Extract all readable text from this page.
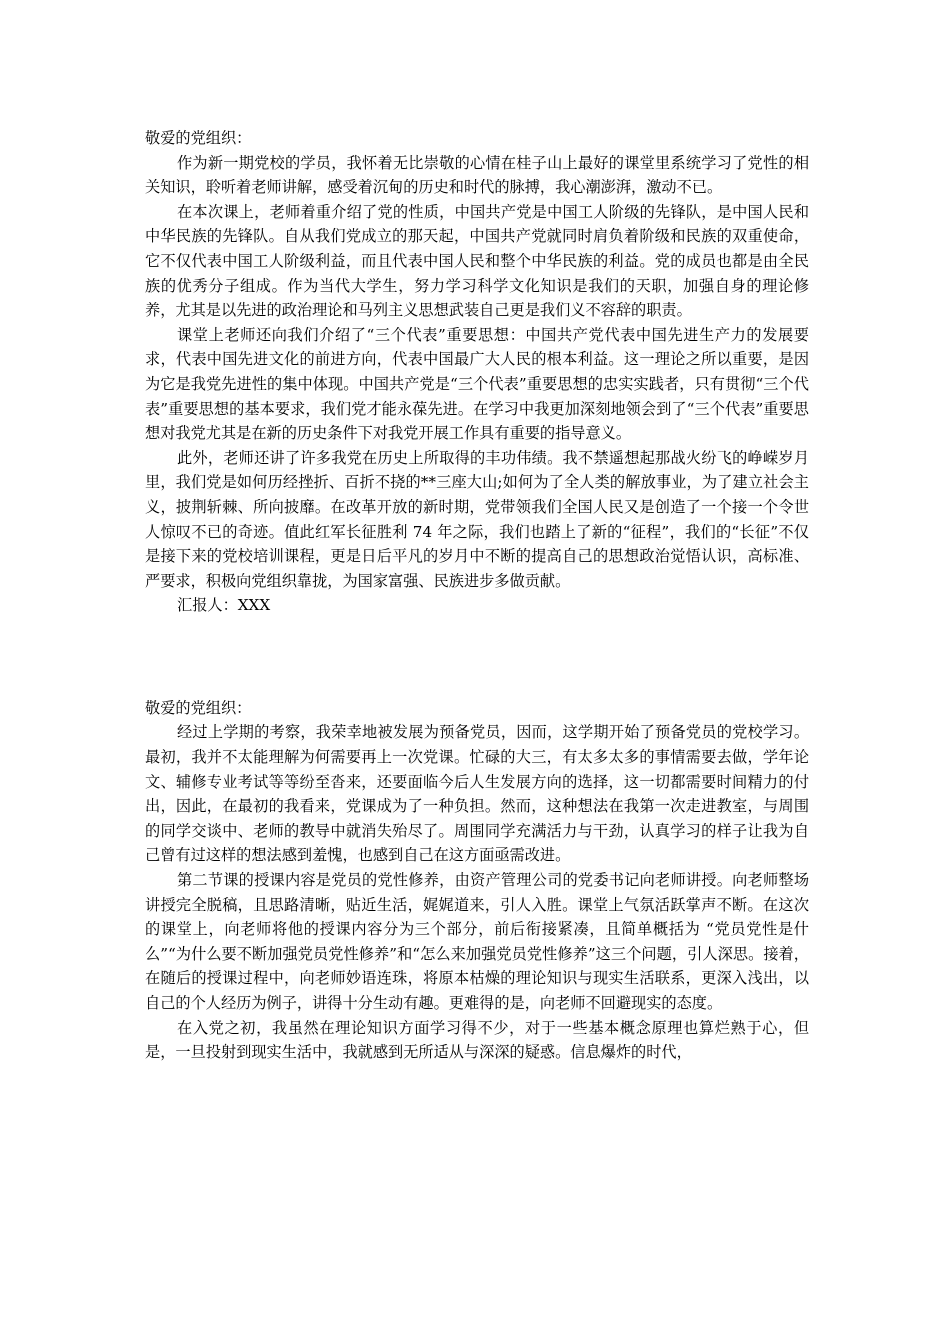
敬爱的党组织：

作为新一期党校的学员，我怀着无比崇敬的心情在桂子山上最好的课堂里系统学习了党性的相关知识，聆听着老师讲解，感受着沉甸的历史和时代的脉搏，我心潮澎湃，激动不已。

在本次课上，老师着重介绍了党的性质，中国共产党是中国工人阶级的先锋队，是中国人民和中华民族的先锋队。自从我们党成立的那天起，中国共产党就同时肩负着阶级和民族的双重使命，它不仅代表中国工人阶级利益，而且代表中国人民和整个中华民族的利益。党的成员也都是由全民族的优秀分子组成。作为当代大学生，努力学习科学文化知识是我们的天职，加强自身的理论修养，尤其是以先进的政治理论和马列主义思想武装自己更是我们义不容辞的职责。

课堂上老师还向我们介绍了“三个代表”重要思想：中国共产党代表中国先进生产力的发展要求，代表中国先进文化的前进方向，代表中国最广大人民的根本利益。这一理论之所以重要，是因为它是我党先进性的集中体现。中国共产党是“三个代表”重要思想的忠实实践者，只有贯彻“三个代表”重要思想的基本要求，我们党才能永葆先进。在学习中我更加深刻地领会到了“三个代表”重要思想对我党尤其是在新的历史条件下对我党开展工作具有重要的指导意义。

此外，老师还讲了许多我党在历史上所取得的丰功伟绩。我不禁遥想起那战火纷飞的峥嵘岁月里，我们党是如何历经挫折、百折不挠的**三座大山;如何为了全人类的解放事业，为了建立社会主义，披荆斩棘、所向披靡。在改革开放的新时期，党带领我们全国人民又是创造了一个接一个令世人惊叹不已的奇迹。值此红军长征胜利 74 年之际，我们也踏上了新的“征程”，我们的“长征”不仅是接下来的党校培训课程，更是日后平凡的岁月中不断的提高自己的思想政治觉悟认识，高标准、严要求，积极向党组织靠拢，为国家富强、民族进步多做贡献。

汇报人：XXX

敬爱的党组织：

经过上学期的考察，我荣幸地被发展为预备党员，因而，这学期开始了预备党员的党校学习。最初，我并不太能理解为何需要再上一次党课。忙碌的大三，有太多太多的事情需要去做，学年论文、辅修专业考试等等纷至沓来，还要面临今后人生发展方向的选择，这一切都需要时间精力的付出，因此，在最初的我看来，党课成为了一种负担。然而，这种想法在我第一次走进教室，与周围的同学交谈中、老师的教导中就消失殆尽了。周围同学充满活力与干劲，认真学习的样子让我为自己曾有过这样的想法感到羞愧，也感到自己在这方面亟需改进。

第二节课的授课内容是党员的党性修养，由资产管理公司的党委书记向老师讲授。向老师整场讲授完全脱稿，且思路清晰，贴近生活，娓娓道来，引人入胜。课堂上气氛活跃掌声不断。在这次的课堂上，向老师将他的授课内容分为三个部分，前后衔接紧凑，且简单概括为 “党员党性是什么”“为什么要不断加强党员党性修养”和“怎么来加强党员党性修养”这三个问题，引人深思。接着，在随后的授课过程中，向老师妙语连珠，将原本枯燥的理论知识与现实生活联系，更深入浅出，以自己的个人经历为例子，讲得十分生动有趣。更难得的是，向老师不回避现实的态度。

在入党之初，我虽然在理论知识方面学习得不少，对于一些基本概念原理也算烂熟于心，但是，一旦投射到现实生活中，我就感到无所适从与深深的疑惑。信息爆炸的时代，
